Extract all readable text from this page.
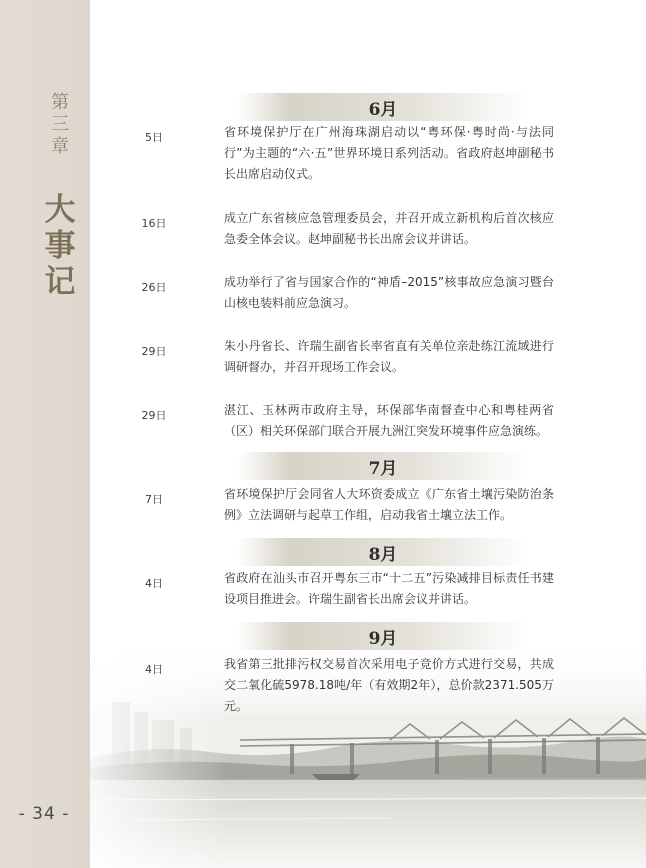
第
三
章
大
事
记
- 34 -
6月
5日	省环境保护厅在广州海珠湖启动以“粤环保·粤时尚·与法同行”为主题的“六·五”世界环境日系列活动。省政府赵坤副秘书长出席启动仪式。
16日	成立广东省核应急管理委员会，并召开成立新机构后首次核应急委全体会议。赵坤副秘书长出席会议并讲话。
26日	成功举行了省与国家合作的“神盾–2015”核事故应急演习暨台山核电装料前应急演习。
29日	朱小丹省长、许瑞生副省长率省直有关单位亲赴练江流域进行调研督办，并召开现场工作会议。
29日	湛江、玉林两市政府主导，环保部华南督查中心和粤桂两省（区）相关环保部门联合开展九洲江突发环境事件应急演练。
7月
7日	省环境保护厅会同省人大环资委成立《广东省土壤污染防治条例》立法调研与起草工作组，启动我省土壤立法工作。
8月
4日	省政府在汕头市召开粤东三市“十二五”污染减排目标责任书建设项目推进会。许瑞生副省长出席会议并讲话。
9月
4日	我省第三批排污权交易首次采用电子竞价方式进行交易，共成交二氧化硫5978.18吨/年（有效期2年），总价款2371.505万元。
